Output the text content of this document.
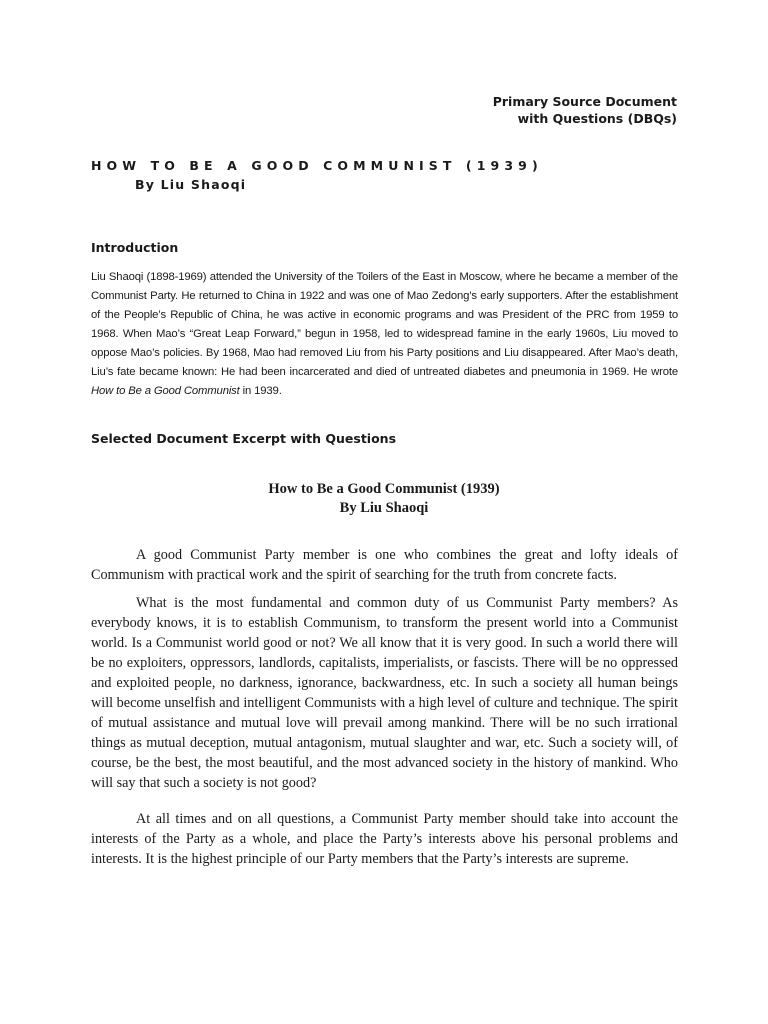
Primary Source Document
with Questions (DBQs)
HOW TO BE A GOOD COMMUNIST (1939)
By Liu Shaoqi
Introduction
Liu Shaoqi (1898-1969) attended the University of the Toilers of the East in Moscow, where he became a member of the Communist Party. He returned to China in 1922 and was one of Mao Zedong’s early supporters. After the establishment of the People’s Republic of China, he was active in economic programs and was President of the PRC from 1959 to 1968. When Mao’s “Great Leap Forward,” begun in 1958, led to widespread famine in the early 1960s, Liu moved to oppose Mao’s policies. By 1968, Mao had removed Liu from his Party positions and Liu disappeared. After Mao’s death, Liu’s fate became known: He had been incarcerated and died of untreated diabetes and pneumonia in 1969. He wrote How to Be a Good Communist in 1939.
Selected Document Excerpt with Questions
How to Be a Good Communist (1939)
By Liu Shaoqi

A good Communist Party member is one who combines the great and lofty ideals of Communism with practical work and the spirit of searching for the truth from concrete facts.

What is the most fundamental and common duty of us Communist Party members? As everybody knows, it is to establish Communism, to transform the present world into a Communist world. Is a Communist world good or not? We all know that it is very good. In such a world there will be no exploiters, oppressors, landlords, capitalists, imperialists, or fascists. There will be no oppressed and exploited people, no darkness, ignorance, backwardness, etc. In such a society all human beings will become unselfish and intelligent Communists with a high level of culture and technique. The spirit of mutual assistance and mutual love will prevail among mankind. There will be no such irrational things as mutual deception, mutual antagonism, mutual slaughter and war, etc. Such a society will, of course, be the best, the most beautiful, and the most advanced society in the history of mankind. Who will say that such a society is not good?

At all times and on all questions, a Communist Party member should take into account the interests of the Party as a whole, and place the Party’s interests above his personal problems and interests. It is the highest principle of our Party members that the Party’s interests are supreme.
